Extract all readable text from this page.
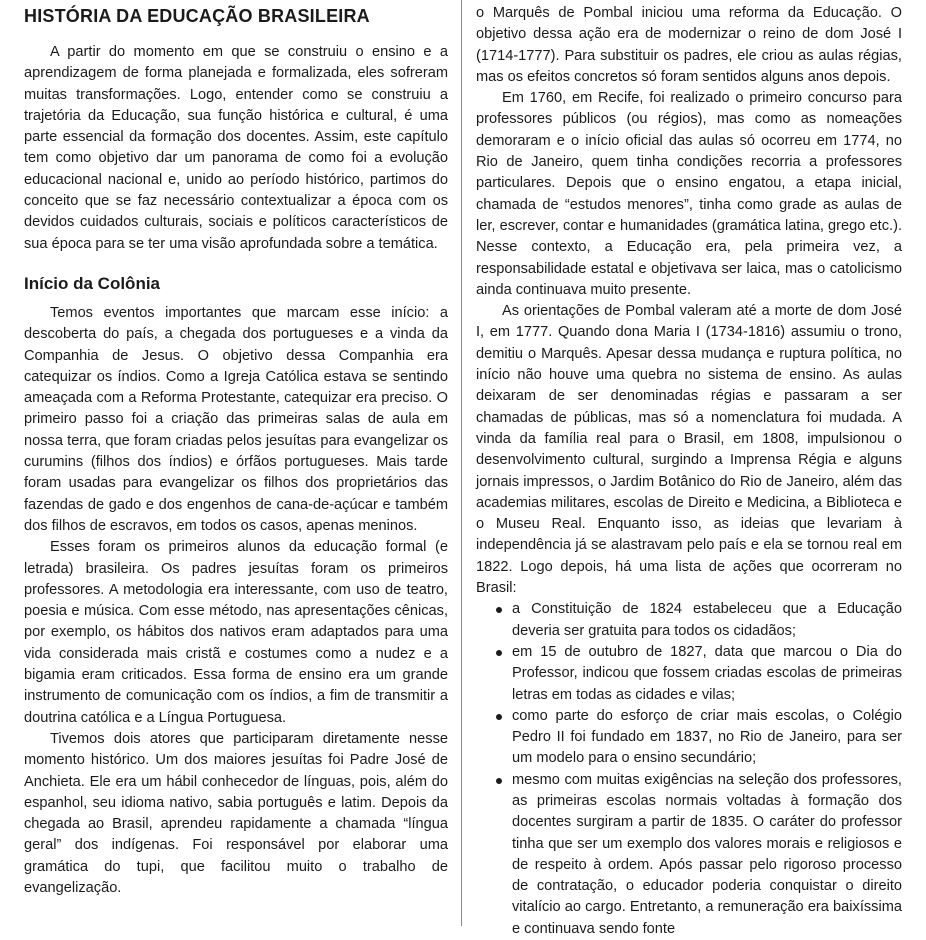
HISTÓRIA DA EDUCAÇÃO BRASILEIRA

A partir do momento em que se construiu o ensino e a aprendizagem de forma planejada e formalizada, eles sofreram muitas transformações. Logo, entender como se construiu a trajetória da Educação, sua função histórica e cultural, é uma parte essencial da formação dos docentes. Assim, este capítulo tem como objetivo dar um panorama de como foi a evolução educacional nacional e, unido ao período histórico, partimos do conceito que se faz necessário contextualizar a época com os devidos cuidados culturais, sociais e políticos característicos de sua época para se ter uma visão aprofundada sobre a temática.

Início da Colônia

Temos eventos importantes que marcam esse início: a descoberta do país, a chegada dos portugueses e a vinda da Companhia de Jesus. O objetivo dessa Companhia era catequizar os índios. Como a Igreja Católica estava se sentindo ameaçada com a Reforma Protestante, catequizar era preciso. O primeiro passo foi a criação das primeiras salas de aula em nossa terra, que foram criadas pelos jesuítas para evangelizar os curumins (filhos dos índios) e órfãos portugueses. Mais tarde foram usadas para evangelizar os filhos dos proprietários das fazendas de gado e dos engenhos de cana-de-açúcar e também dos filhos de escravos, em todos os casos, apenas meninos.

Esses foram os primeiros alunos da educação formal (e letrada) brasileira. Os padres jesuítas foram os primeiros professores. A metodologia era interessante, com uso de teatro, poesia e música. Com esse método, nas apresentações cênicas, por exemplo, os hábitos dos nativos eram adaptados para uma vida considerada mais cristã e costumes como a nudez e a bigamia eram criticados. Essa forma de ensino era um grande instrumento de comunicação com os índios, a fim de transmitir a doutrina católica e a Língua Portuguesa.

Tivemos dois atores que participaram diretamente nesse momento histórico. Um dos maiores jesuítas foi Padre José de Anchieta. Ele era um hábil conhecedor de línguas, pois, além do espanhol, seu idioma nativo, sabia português e latim. Depois da chegada ao Brasil, aprendeu rapidamente a chamada “língua geral” dos indígenas. Foi responsável por elaborar uma gramática do tupi, que facilitou muito o trabalho de evangelização.

o Marquês de Pombal iniciou uma reforma da Educação. O objetivo dessa ação era de modernizar o reino de dom José I (1714-1777). Para substituir os padres, ele criou as aulas régias, mas os efeitos concretos só foram sentidos alguns anos depois.

Em 1760, em Recife, foi realizado o primeiro concurso para professores públicos (ou régios), mas como as nomeações demoraram e o início oficial das aulas só ocorreu em 1774, no Rio de Janeiro, quem tinha condições recorria a professores particulares. Depois que o ensino engatou, a etapa inicial, chamada de “estudos menores”, tinha como grade as aulas de ler, escrever, contar e humanidades (gramática latina, grego etc.). Nesse contexto, a Educação era, pela primeira vez, a responsabilidade estatal e objetivava ser laica, mas o catolicismo ainda continuava muito presente.

As orientações de Pombal valeram até a morte de dom José I, em 1777. Quando dona Maria I (1734-1816) assumiu o trono, demitiu o Marquês. Apesar dessa mudança e ruptura política, no início não houve uma quebra no sistema de ensino. As aulas deixaram de ser denominadas régias e passaram a ser chamadas de públicas, mas só a nomenclatura foi mudada. A vinda da família real para o Brasil, em 1808, impulsionou o desenvolvimento cultural, surgindo a Imprensa Régia e alguns jornais impressos, o Jardim Botânico do Rio de Janeiro, além das academias militares, escolas de Direito e Medicina, a Biblioteca e o Museu Real. Enquanto isso, as ideias que levariam à independência já se alastravam pelo país e ela se tornou real em 1822. Logo depois, há uma lista de ações que ocorreram no Brasil:

a Constituição de 1824 estabeleceu que a Educação deveria ser gratuita para todos os cidadãos;
em 15 de outubro de 1827, data que marcou o Dia do Professor, indicou que fossem criadas escolas de primeiras letras em todas as cidades e vilas;
como parte do esforço de criar mais escolas, o Colégio Pedro II foi fundado em 1837, no Rio de Janeiro, para ser um modelo para o ensino secundário;
mesmo com muitas exigências na seleção dos professores, as primeiras escolas normais voltadas à formação dos docentes surgiram a partir de 1835. O caráter do professor tinha que ser um exemplo dos valores morais e religiosos e de respeito à ordem. Após passar pelo rigoroso processo de contratação, o educador poderia conquistar o direito vitalício ao cargo. Entretanto, a remuneração era baixíssima e continuava sendo fonte
